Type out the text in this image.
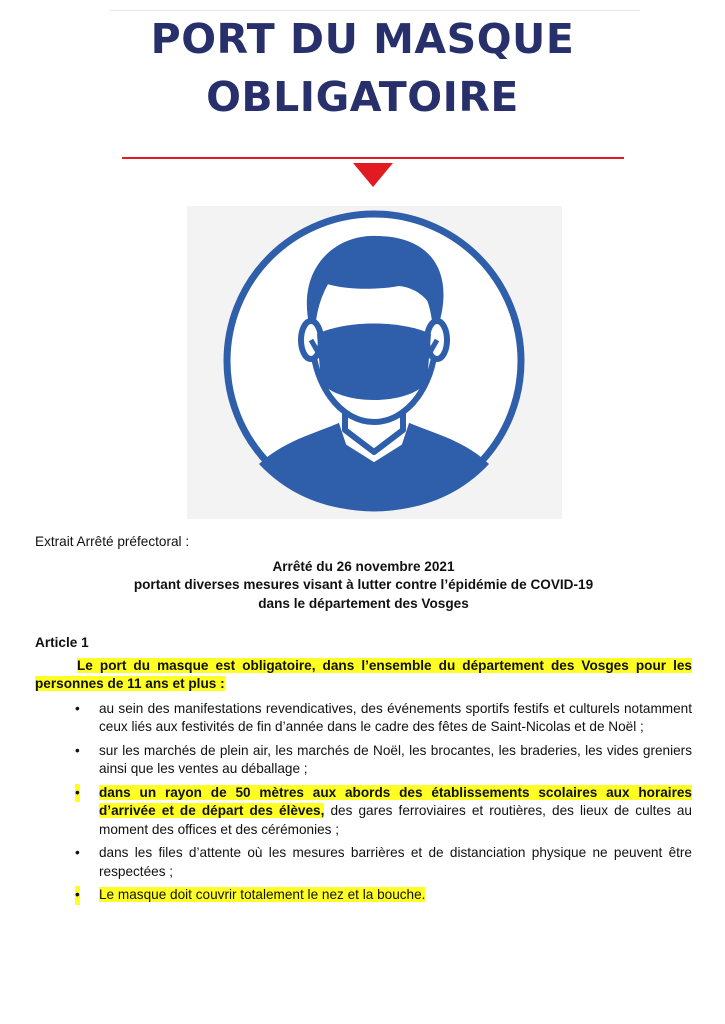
PORT DU MASQUE
OBLIGATOIRE

Extrait Arrêté préfectoral :

Arrêté du 26 novembre 2021

portant diverses mesures visant à lutter contre l’épidémie de COVID-19

dans le département des Vosges

Article 1

Le port du masque est obligatoire, dans l’ensemble du département des Vosges pour les personnes de 11 ans et plus :

• au sein des manifestations revendicatives, des événements sportifs festifs et culturels notamment ceux liés aux festivités de fin d’année dans le cadre des fêtes de Saint-Nicolas et de Noël ;
• sur les marchés de plein air, les marchés de Noël, les brocantes, les braderies, les vides greniers ainsi que les ventes au déballage ;
• dans un rayon de 50 mètres aux abords des établissements scolaires aux horaires d’arrivée et de départ des élèves, des gares ferroviaires et routières, des lieux de cultes au moment des offices et des cérémonies ;
• dans les files d’attente où les mesures barrières et de distanciation physique ne peuvent être respectées ;
• Le masque doit couvrir totalement le nez et la bouche.
